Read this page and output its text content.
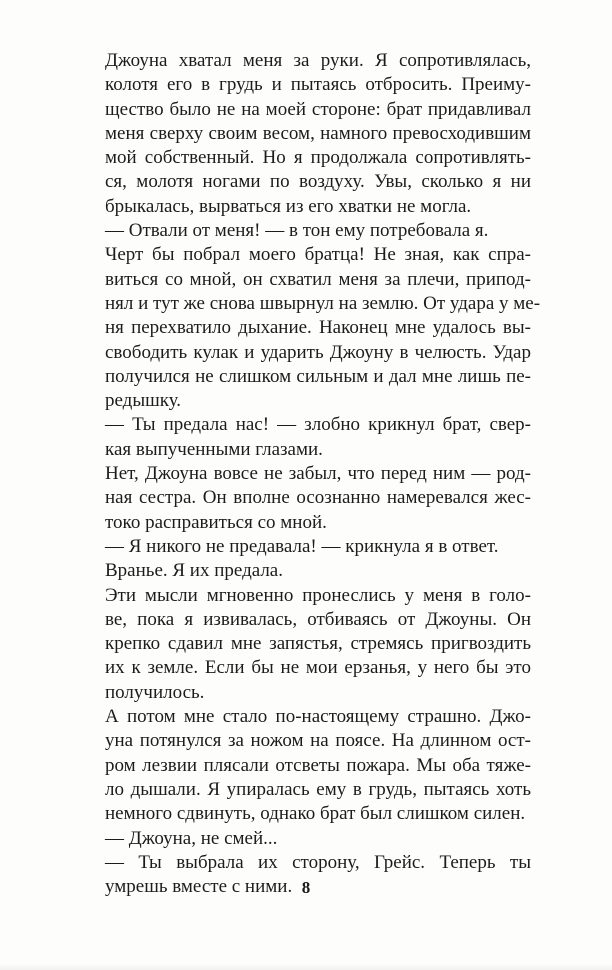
Джоуна хватал меня за руки. Я сопротивлялась,
колотя его в грудь и пытаясь отбросить. Преиму-
щество было не на моей стороне: брат придавливал
меня сверху своим весом, намного превосходившим
мой собственный. Но я продолжала сопротивлять-
ся, молотя ногами по воздуху. Увы, сколько я ни
брыкалась, вырваться из его хватки не могла.

— Отвали от меня! — в тон ему потребовала я.

Черт бы побрал моего братца! Не зная, как спра-
виться со мной, он схватил меня за плечи, припод-
нял и тут же снова швырнул на землю. От удара у ме-
ня перехватило дыхание. Наконец мне удалось вы-
свободить кулак и ударить Джоуну в челюсть. Удар
получился не слишком сильным и дал мне лишь пе-
редышку.

— Ты предала нас! — злобно крикнул брат, свер-
кая выпученными глазами.

Нет, Джоуна вовсе не забыл, что перед ним — род-
ная сестра. Он вполне осознанно намеревался жес-
токо расправиться со мной.

— Я никого не предавала! — крикнула я в ответ.

Вранье. Я их предала.

Эти мысли мгновенно пронеслись у меня в голо-
ве, пока я извивалась, отбиваясь от Джоуны. Он
крепко сдавил мне запястья, стремясь пригвоздить
их к земле. Если бы не мои ерзанья, у него бы это
получилось.

А потом мне стало по-настоящему страшно. Джо-
уна потянулся за ножом на поясе. На длинном ост-
ром лезвии плясали отсветы пожара. Мы оба тяже-
ло дышали. Я упиралась ему в грудь, пытаясь хоть
немного сдвинуть, однако брат был слишком силен.

— Джоуна, не смей...

— Ты выбрала их сторону, Грейс. Теперь ты
умрешь вместе с ними. 8
